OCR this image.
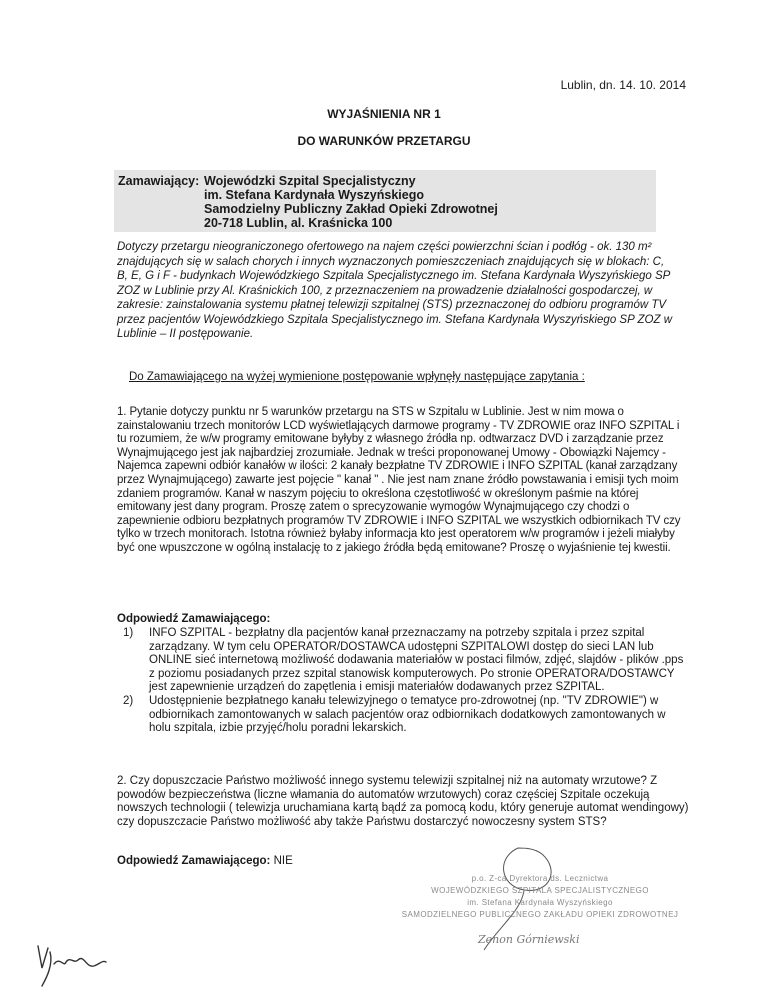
Lublin, dn. 14. 10. 2014
WYJAŚNIENIA NR 1
DO WARUNKÓW PRZETARGU
Zamawiający: Wojewódzki Szpital Specjalistyczny
im. Stefana Kardynała Wyszyńskiego
Samodzielny Publiczny Zakład Opieki Zdrowotnej
20-718 Lublin, al. Kraśnicka 100
Dotyczy przetargu nieograniczonego ofertowego na najem części powierzchni ścian i podłóg - ok. 130 m² znajdujących się w salach chorych i innych wyznaczonych pomieszczeniach znajdujących się w blokach: C, B, E, G i F - budynkach Wojewódzkiego Szpitala Specjalistycznego im. Stefana Kardynała Wyszyńskiego SP ZOZ w Lublinie przy Al. Kraśnickich 100, z przeznaczeniem na prowadzenie działalności gospodarczej, w zakresie: zainstalowania systemu płatnej telewizji szpitalnej (STS) przeznaczonej do odbioru programów TV przez pacjentów Wojewódzkiego Szpitala Specjalistycznego im. Stefana Kardynała Wyszyńskiego SP ZOZ w Lublinie – II postępowanie.
Do Zamawiającego na wyżej wymienione postępowanie wpłynęły następujące zapytania :
1. Pytanie dotyczy punktu nr 5 warunków przetargu na STS w Szpitalu w Lublinie. Jest w nim mowa o zainstalowaniu trzech monitorów LCD wyświetlających darmowe programy - TV ZDROWIE oraz INFO SZPITAL i tu rozumiem, że w/w programy emitowane byłyby z własnego źródła np. odtwarzacz DVD i zarządzanie przez Wynajmującego jest jak najbardziej zrozumiałe. Jednak w treści proponowanej Umowy - Obowiązki Najemcy - Najemca zapewni odbiór kanałów w ilości: 2 kanały bezpłatne TV ZDROWIE i INFO SZPITAL (kanał zarządzany przez Wynajmującego) zawarte jest pojęcie " kanał " . Nie jest nam znane źródło powstawania i emisji tych moim zdaniem programów. Kanał w naszym pojęciu to określona częstotliwość w określonym paśmie na której emitowany jest dany program. Proszę zatem o sprecyzowanie wymogów Wynajmującego czy chodzi o zapewnienie odbioru bezpłatnych programów TV ZDROWIE i INFO SZPITAL we wszystkich odbiornikach TV czy tylko w trzech monitorach. Istotna również byłaby informacja kto jest operatorem w/w programów i jeżeli miałyby być one wpuszczone w ogólną instalację to z jakiego źródła będą emitowane? Proszę o wyjaśnienie tej kwestii.
Odpowiedź Zamawiającego:
1) INFO SZPITAL - bezpłatny dla pacjentów kanał przeznaczamy na potrzeby szpitala i przez szpital zarządzany. W tym celu OPERATOR/DOSTAWCA udostępni SZPITALOWI dostęp do sieci LAN lub ONLINE sieć internetową możliwość dodawania materiałów w postaci filmów, zdjęć, slajdów - plików .pps z poziomu posiadanych przez szpital stanowisk komputerowych. Po stronie OPERATORA/DOSTAWCY jest zapewnienie urządzeń do zapętlenia i emisji materiałów dodawanych przez SZPITAL.
2) Udostępnienie bezpłatnego kanału telewizyjnego o tematyce pro-zdrowotnej (np. "TV ZDROWIE") w odbiornikach zamontowanych w salach pacjentów oraz odbiornikach dodatkowych zamontowanych w holu szpitala, izbie przyjęć/holu poradni lekarskich.
2. Czy dopuszczacie Państwo możliwość innego systemu telewizji szpitalnej niż na automaty wrzutowe? Z powodów bezpieczeństwa (liczne włamania do automatów wrzutowych) coraz częściej Szpitale oczekują nowszych technologii ( telewizja uruchamiana kartą bądź za pomocą kodu, który generuje automat wendingowy) czy dopuszczacie Państwo możliwość aby także Państwu dostarczyć nowoczesny system STS?
Odpowiedź Zamawiającego: NIE
p.o. Z-ca Dyrektora ds. Lecznictwa
WOJEWÓDZKIEGO SZPITALA SPECJALISTYCZNEGO
im. Stefana Kardynała Wyszyńskiego
SAMODZIELNEGO PUBLICZNEGO ZAKŁADU OPIEKI ZDROWOTNEJ
Zenon Górniewski
